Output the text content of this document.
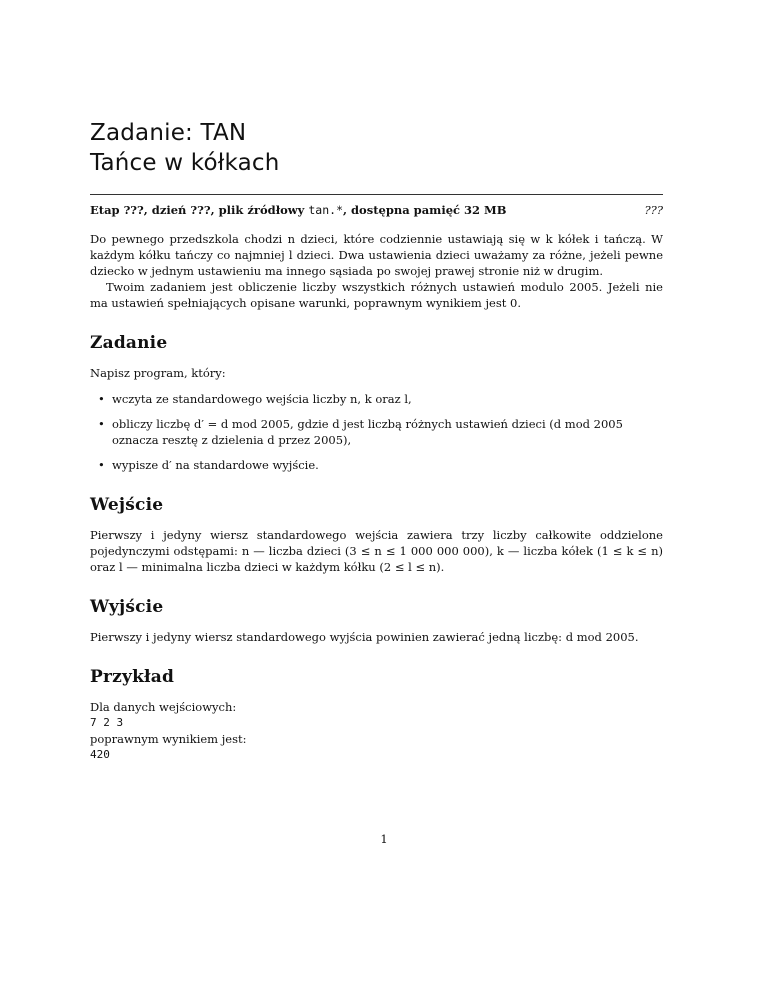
Zadanie: TAN
Tańce w kółkach
Etap ???, dzień ???, plik źródłowy tan.*, dostępna pamięć 32 MB	???

Do pewnego przedszkola chodzi n dzieci, które codziennie ustawiają się w k kółek i tańczą. W każdym kółku tańczy co najmniej l dzieci. Dwa ustawienia dzieci uważamy za różne, jeżeli pewne dziecko w jednym ustawieniu ma innego sąsiada po swojej prawej stronie niż w drugim.

Twoim zadaniem jest obliczenie liczby wszystkich różnych ustawień modulo 2005. Jeżeli nie ma ustawień spełniających opisane warunki, poprawnym wynikiem jest 0.

Zadanie

Napisz program, który:

• wczyta ze standardowego wejścia liczby n, k oraz l,
• obliczy liczbę d′ = d mod 2005, gdzie d jest liczbą różnych ustawień dzieci (d mod 2005 oznacza resztę z dzielenia d przez 2005),
• wypisze d′ na standardowe wyjście.
Wejście

Pierwszy i jedyny wiersz standardowego wejścia zawiera trzy liczby całkowite oddzielone pojedynczymi odstępami: n — liczba dzieci (3 ≤ n ≤ 1 000 000 000), k — liczba kółek (1 ≤ k ≤ n) oraz l — minimalna liczba dzieci w każdym kółku (2 ≤ l ≤ n).

Wyjście

Pierwszy i jedyny wiersz standardowego wyjścia powinien zawierać jedną liczbę: d mod 2005.

Przykład

Dla danych wejściowych:

7 2 3

poprawnym wynikiem jest:

420
1
